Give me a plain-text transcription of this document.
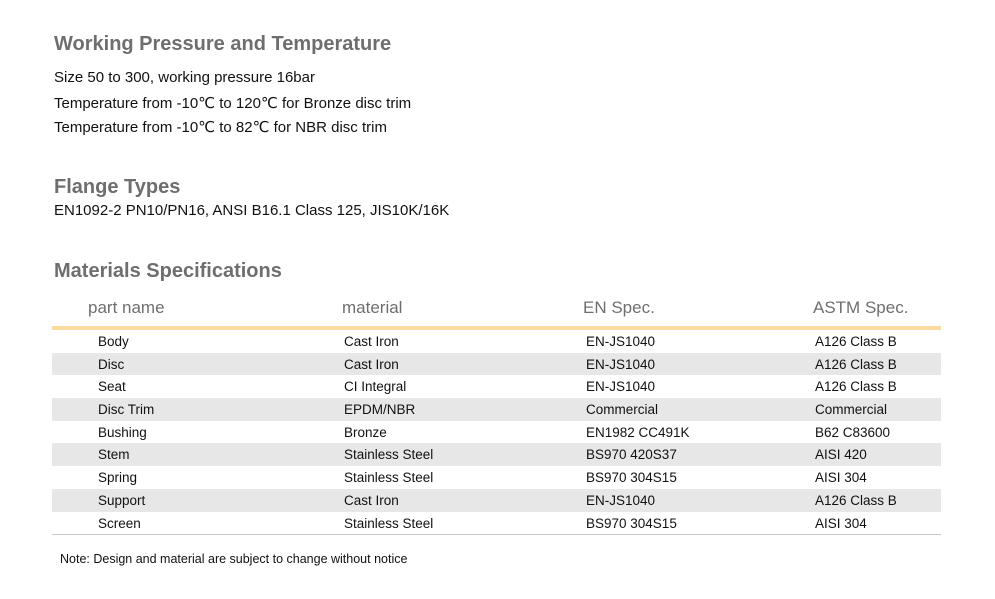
Working Pressure and Temperature
Size 50 to 300, working pressure 16bar
Temperature from -10℃ to 120℃ for Bronze disc trim
Temperature from -10℃ to 82℃ for NBR disc trim
Flange Types
EN1092-2 PN10/PN16, ANSI B16.1 Class 125, JIS10K/16K
Materials Specifications
part name	material	EN Spec.	ASTM Spec.
Body	Cast Iron	EN-JS1040	A126 Class B
Disc	Cast Iron	EN-JS1040	A126 Class B
Seat	CI Integral	EN-JS1040	A126 Class B
Disc Trim	EPDM/NBR	Commercial	Commercial
Bushing	Bronze	EN1982 CC491K	B62 C83600
Stem	Stainless Steel	BS970 420S37	AISI 420
Spring	Stainless Steel	BS970 304S15	AISI 304
Support	Cast Iron	EN-JS1040	A126 Class B
Screen	Stainless Steel	BS970 304S15	AISI 304
Note: Design and material are subject to change without notice
